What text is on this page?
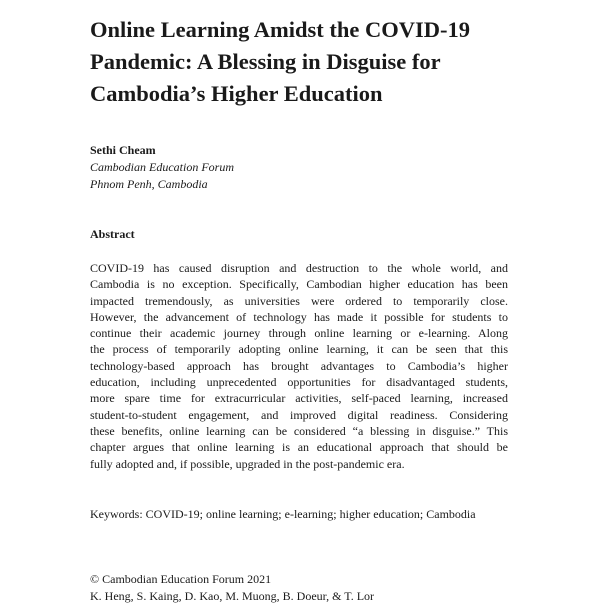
Online Learning Amidst the COVID-19
Pandemic: A Blessing in Disguise for
Cambodia’s Higher Education
Sethi Cheam
Cambodian Education Forum
Phnom Penh, Cambodia
Abstract
COVID-19 has caused disruption and destruction to the whole world, and
Cambodia is no exception. Specifically, Cambodian higher education has been
impacted tremendously, as universities were ordered to temporarily close.
However, the advancement of technology has made it possible for students to
continue their academic journey through online learning or e-learning. Along
the process of temporarily adopting online learning, it can be seen that this
technology-based approach has brought advantages to Cambodia’s higher
education, including unprecedented opportunities for disadvantaged students,
more spare time for extracurricular activities, self-paced learning, increased
student-to-student engagement, and improved digital readiness. Considering
these benefits, online learning can be considered “a blessing in disguise.” This
chapter argues that online learning is an educational approach that should be
fully adopted and, if possible, upgraded in the post-pandemic era.
Keywords: COVID-19; online learning; e-learning; higher education; Cambodia
© Cambodian Education Forum 2021
K. Heng, S. Kaing, D. Kao, M. Muong, B. Doeur, & T. Lor
